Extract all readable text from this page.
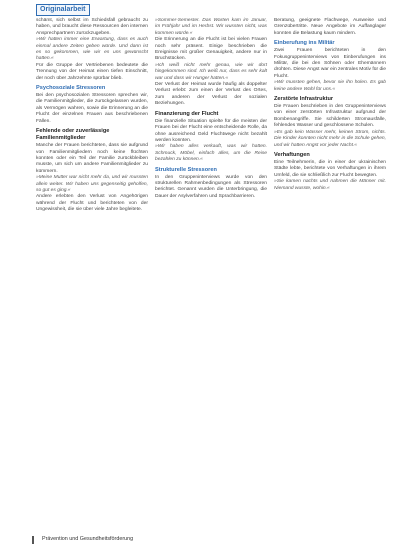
Originalarbeit

schämt, sich selbst im Schiedsfall gebraucht zu haben, und braucht diese Ressourcen den internen Ansprechpartnern zurückzugeben.

»Wir hatten immer eine Erwartung, dass es auch einmal andere Zeiten geben würde. Und dann ist es so gekommen, wie wir es uns gewünscht hatten.«

Für die Gruppe der Vertriebenen bedeutete die Trennung von der Heimat einen tiefen Einschnitt, der noch über Jahrzehnte spürbar blieb.

Psychosoziale Stressoren

Bei den psychosozialen Stressoren sprechen wir, die Familienmitglieder, die zurückgelassen wurden, als Vermögen wahren, sowie die Erinnerung an die Flucht der einzelnen Frauen aus beschriebenen Fällen.

Fehlende oder zuverlässige Familienmitglieder

Manche der Frauen berichteten, dass sie aufgrund von Familienmitgliedern noch keine flüchten konnten oder ein Teil der Familie zurückbleiben musste, um sich um andere Familienmitglieder zu kümmern.

»Meine Mutter war nicht mehr da, und wir mussten allein weiter. Wir haben uns gegenseitig geholfen, so gut es ging.«

Andere erlebten den Verlust von Angehörigen während der Flucht und berichteten von der Ungewissheit, die sie über viele Jahre begleitete.

»Sommer-Semester. Das Warten kam im Januar, im Frühjahr und im Herbst. Wir wussten nicht, was kommen würde.«

Die Erinnerung an die Flucht ist bei vielen Frauen noch sehr präsent. Einige beschrieben die Ereignisse mit großer Genauigkeit, andere nur in Bruchstücken.

»Ich weiß nicht mehr genau, wie wir dort hingekommen sind. Ich weiß nur, dass es sehr kalt war und dass wir Hunger hatten.«

Der Verlust der Heimat wurde häufig als doppelter Verlust erlebt: zum einen der Verlust des Ortes, zum anderen der Verlust der sozialen Beziehungen.

Finanzierung der Flucht

Die finanzielle Situation spielte für die meisten der Frauen bei der Flucht eine entscheidende Rolle, da ohne ausreichend Geld Fluchtwege nicht bezahlt werden konnten.

»Wir haben alles verkauft, was wir hatten. Schmuck, Möbel, einfach alles, um die Reise bezahlen zu können.«

Strukturelle Stressoren

In den Gruppeninterviews wurde von den strukturellen Rahmenbedingungen als Stressoren berichtet. Genannt wurden die Unterbringung, die Dauer der Asylverfahren und Sprachbarrieren.

Beratung, geeignete Flachwege, Ausweise und Grenzübertritte. Neue Angebote im Auffanglager konnten die Belastung kaum mindern.

Einberufung ins Militär

Zwei Frauen berichteten in den Fokusgruppeninterviews von Einberufungen ins Militär, die bei den Söhnen oder Ehemännern drohten. Diese Angst war ein zentrales Motiv für die Flucht.

»Wir mussten gehen, bevor sie ihn holen. Es gab keine andere Wahl für uns.«

Zerstörte Infrastruktur

Die Frauen beschrieben in den Gruppeninterviews von einer zerstörten Infrastruktur aufgrund der Bombenangriffe. Sie schilderten Stromausfälle, fehlendes Wasser und geschlossene Schulen.

»Es gab kein Wasser mehr, keinen Strom, nichts. Die Kinder konnten nicht mehr in die Schule gehen, und wir hatten Angst vor jeder Nacht.«

Verhaftungen

Eine Teilnehmerin, die in einer der ukrainischen Städte lebte, berichtete von Verhaftungen in ihrem Umfeld, die sie schließlich zur Flucht bewegten.

»Sie kamen nachts und nahmen die Männer mit. Niemand wusste, wohin.«

Prävention und Gesundheitsförderung
